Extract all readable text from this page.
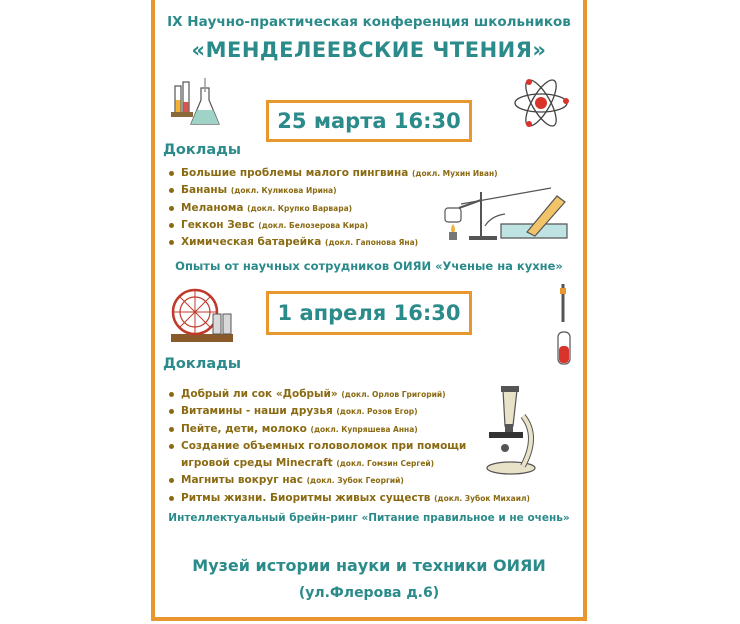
IX Научно-практическая конференция школьников
«МЕНДЕЛЕЕВСКИЕ ЧТЕНИЯ»
25 марта 16:30
Доклады
Большие проблемы малого пингвина (докл. Мухин Иван)
Бананы (докл. Куликова Ирина)
Меланома (докл. Крупко Варвара)
Геккон Зевс (докл. Белозерова Кира)
Химическая батарейка (докл. Гапонова Яна)
Опыты от научных сотрудников ОИЯИ «Ученые на кухне»
1 апреля 16:30
Доклады
Добрый ли сок «Добрый» (докл. Орлов Григорий)
Витамины - наши друзья (докл. Розов Егор)
Пейте, дети, молоко (докл. Купряшева Анна)
Создание объемных головоломок при помощи
игровой среды Minecraft (докл. Гомзин Сергей)
Магниты вокруг нас (докл. Зубок Георгий)
Ритмы жизни. Биоритмы живых существ (докл. Зубок Михаил)
Интеллектуальный брейн-ринг «Питание правильное и не очень»
Музей истории науки и техники ОИЯИ
(ул.Флерова д.6)
